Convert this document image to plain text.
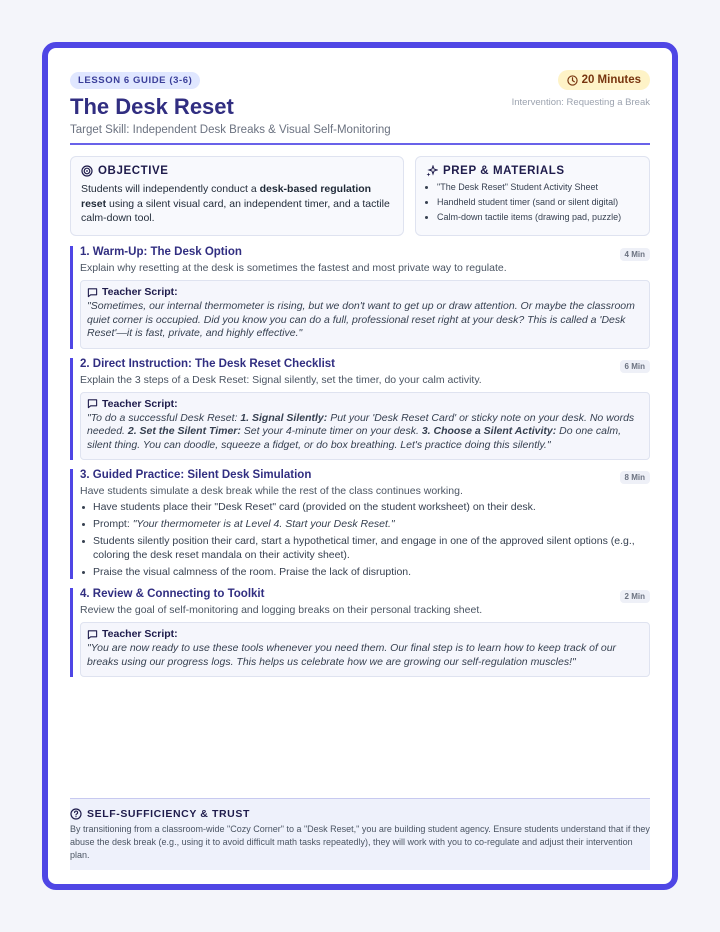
LESSON 6 GUIDE (3-6)	20 Minutes
Intervention: Requesting a Break
The Desk Reset
Target Skill: Independent Desk Breaks & Visual Self-Monitoring
OBJECTIVE

Students will independently conduct a desk-based regulation reset using a silent visual card, an independent timer, and a tactile calm-down tool.

PREP & MATERIALS
• "The Desk Reset" Student Activity Sheet
• Handheld student timer (sand or silent digital)
• Calm-down tactile items (drawing pad, puzzle)
1. Warm-Up: The Desk Option	4 Min
Explain why resetting at the desk is sometimes the fastest and most private way to regulate.
Teacher Script:
"Sometimes, our internal thermometer is rising, but we don't want to get up or draw attention. Or maybe the classroom quiet corner is occupied. Did you know you can do a full, professional reset right at your desk? This is called a 'Desk Reset'—it is fast, private, and highly effective."
2. Direct Instruction: The Desk Reset Checklist	6 Min
Explain the 3 steps of a Desk Reset: Signal silently, set the timer, do your calm activity.
Teacher Script:
"To do a successful Desk Reset: 1. Signal Silently: Put your 'Desk Reset Card' or sticky note on your desk. No words needed. 2. Set the Silent Timer: Set your 4-minute timer on your desk. 3. Choose a Silent Activity: Do one calm, silent thing. You can doodle, squeeze a fidget, or do box breathing. Let's practice doing this silently."
3. Guided Practice: Silent Desk Simulation	8 Min
Have students simulate a desk break while the rest of the class continues working.
Have students place their "Desk Reset" card (provided on the student worksheet) on their desk.
Prompt: "Your thermometer is at Level 4. Start your Desk Reset."
Students silently position their card, start a hypothetical timer, and engage in one of the approved silent options (e.g., coloring the desk reset mandala on their activity sheet).
Praise the visual calmness of the room. Praise the lack of disruption.
4. Review & Connecting to Toolkit	2 Min
Review the goal of self-monitoring and logging breaks on their personal tracking sheet.
Teacher Script:
"You are now ready to use these tools whenever you need them. Our final step is to learn how to keep track of our breaks using our progress logs. This helps us celebrate how we are growing our self-regulation muscles!"
SELF-SUFFICIENCY & TRUST

By transitioning from a classroom-wide "Cozy Corner" to a "Desk Reset," you are building student agency. Ensure students understand that if they abuse the desk break (e.g., using it to avoid difficult math tasks repeatedly), they will work with you to co-regulate and adjust their intervention plan.
